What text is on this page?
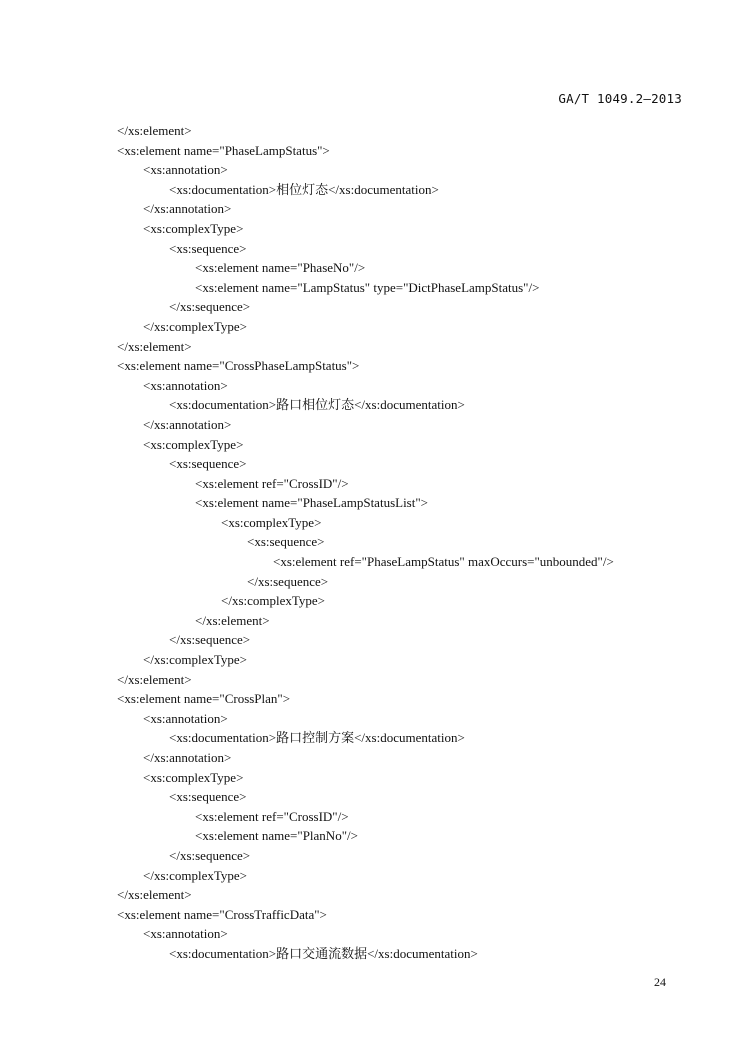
GA/T 1049.2—2013
</xs:element>
<xs:element name="PhaseLampStatus">
<xs:annotation>
<xs:documentation>相位灯态</xs:documentation>
</xs:annotation>
<xs:complexType>
<xs:sequence>
<xs:element name="PhaseNo"/>
<xs:element name="LampStatus" type="DictPhaseLampStatus"/>
</xs:sequence>
</xs:complexType>
</xs:element>
<xs:element name="CrossPhaseLampStatus">
<xs:annotation>
<xs:documentation>路口相位灯态</xs:documentation>
</xs:annotation>
<xs:complexType>
<xs:sequence>
<xs:element ref="CrossID"/>
<xs:element name="PhaseLampStatusList">
<xs:complexType>
<xs:sequence>
<xs:element ref="PhaseLampStatus" maxOccurs="unbounded"/>
</xs:sequence>
</xs:complexType>
</xs:element>
</xs:sequence>
</xs:complexType>
</xs:element>
<xs:element name="CrossPlan">
<xs:annotation>
<xs:documentation>路口控制方案</xs:documentation>
</xs:annotation>
<xs:complexType>
<xs:sequence>
<xs:element ref="CrossID"/>
<xs:element name="PlanNo"/>
</xs:sequence>
</xs:complexType>
</xs:element>
<xs:element name="CrossTrafficData">
<xs:annotation>
<xs:documentation>路口交通流数据</xs:documentation>
24
